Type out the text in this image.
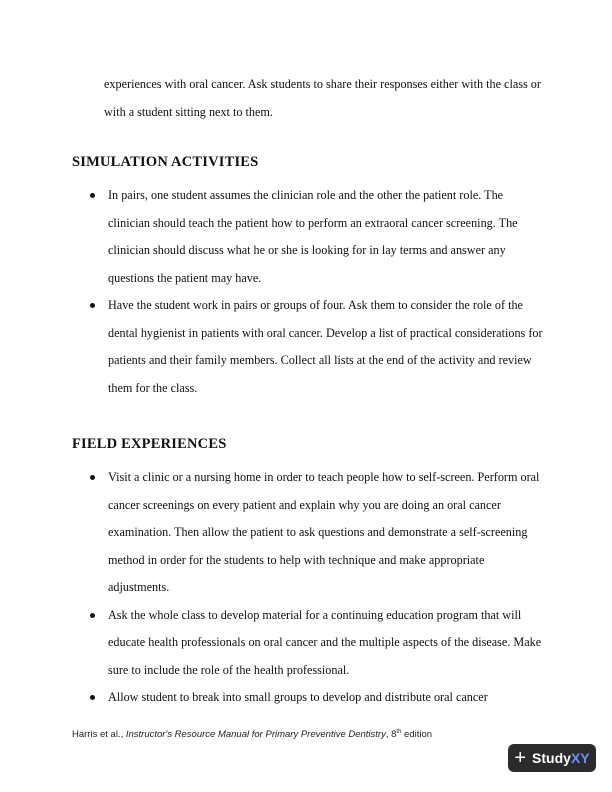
experiences with oral cancer. Ask students to share their responses either with the class or

with a student sitting next to them.

SIMULATION ACTIVITIES

In pairs, one student assumes the clinician role and the other the patient role. The

clinician should teach the patient how to perform an extraoral cancer screening. The

clinician should discuss what he or she is looking for in lay terms and answer any

questions the patient may have.

Have the student work in pairs or groups of four. Ask them to consider the role of the

dental hygienist in patients with oral cancer. Develop a list of practical considerations for

patients and their family members. Collect all lists at the end of the activity and review

them for the class.

FIELD EXPERIENCES

Visit a clinic or a nursing home in order to teach people how to self-screen. Perform oral

cancer screenings on every patient and explain why you are doing an oral cancer

examination. Then allow the patient to ask questions and demonstrate a self-screening

method in order for the students to help with technique and make appropriate

adjustments.

Ask the whole class to develop material for a continuing education program that will

educate health professionals on oral cancer and the multiple aspects of the disease. Make

sure to include the role of the health professional.

Allow student to break into small groups to develop and distribute oral cancer

Harris et al., Instructor's Resource Manual for Primary Preventive Dentistry, 8th edition
+ Study XY
